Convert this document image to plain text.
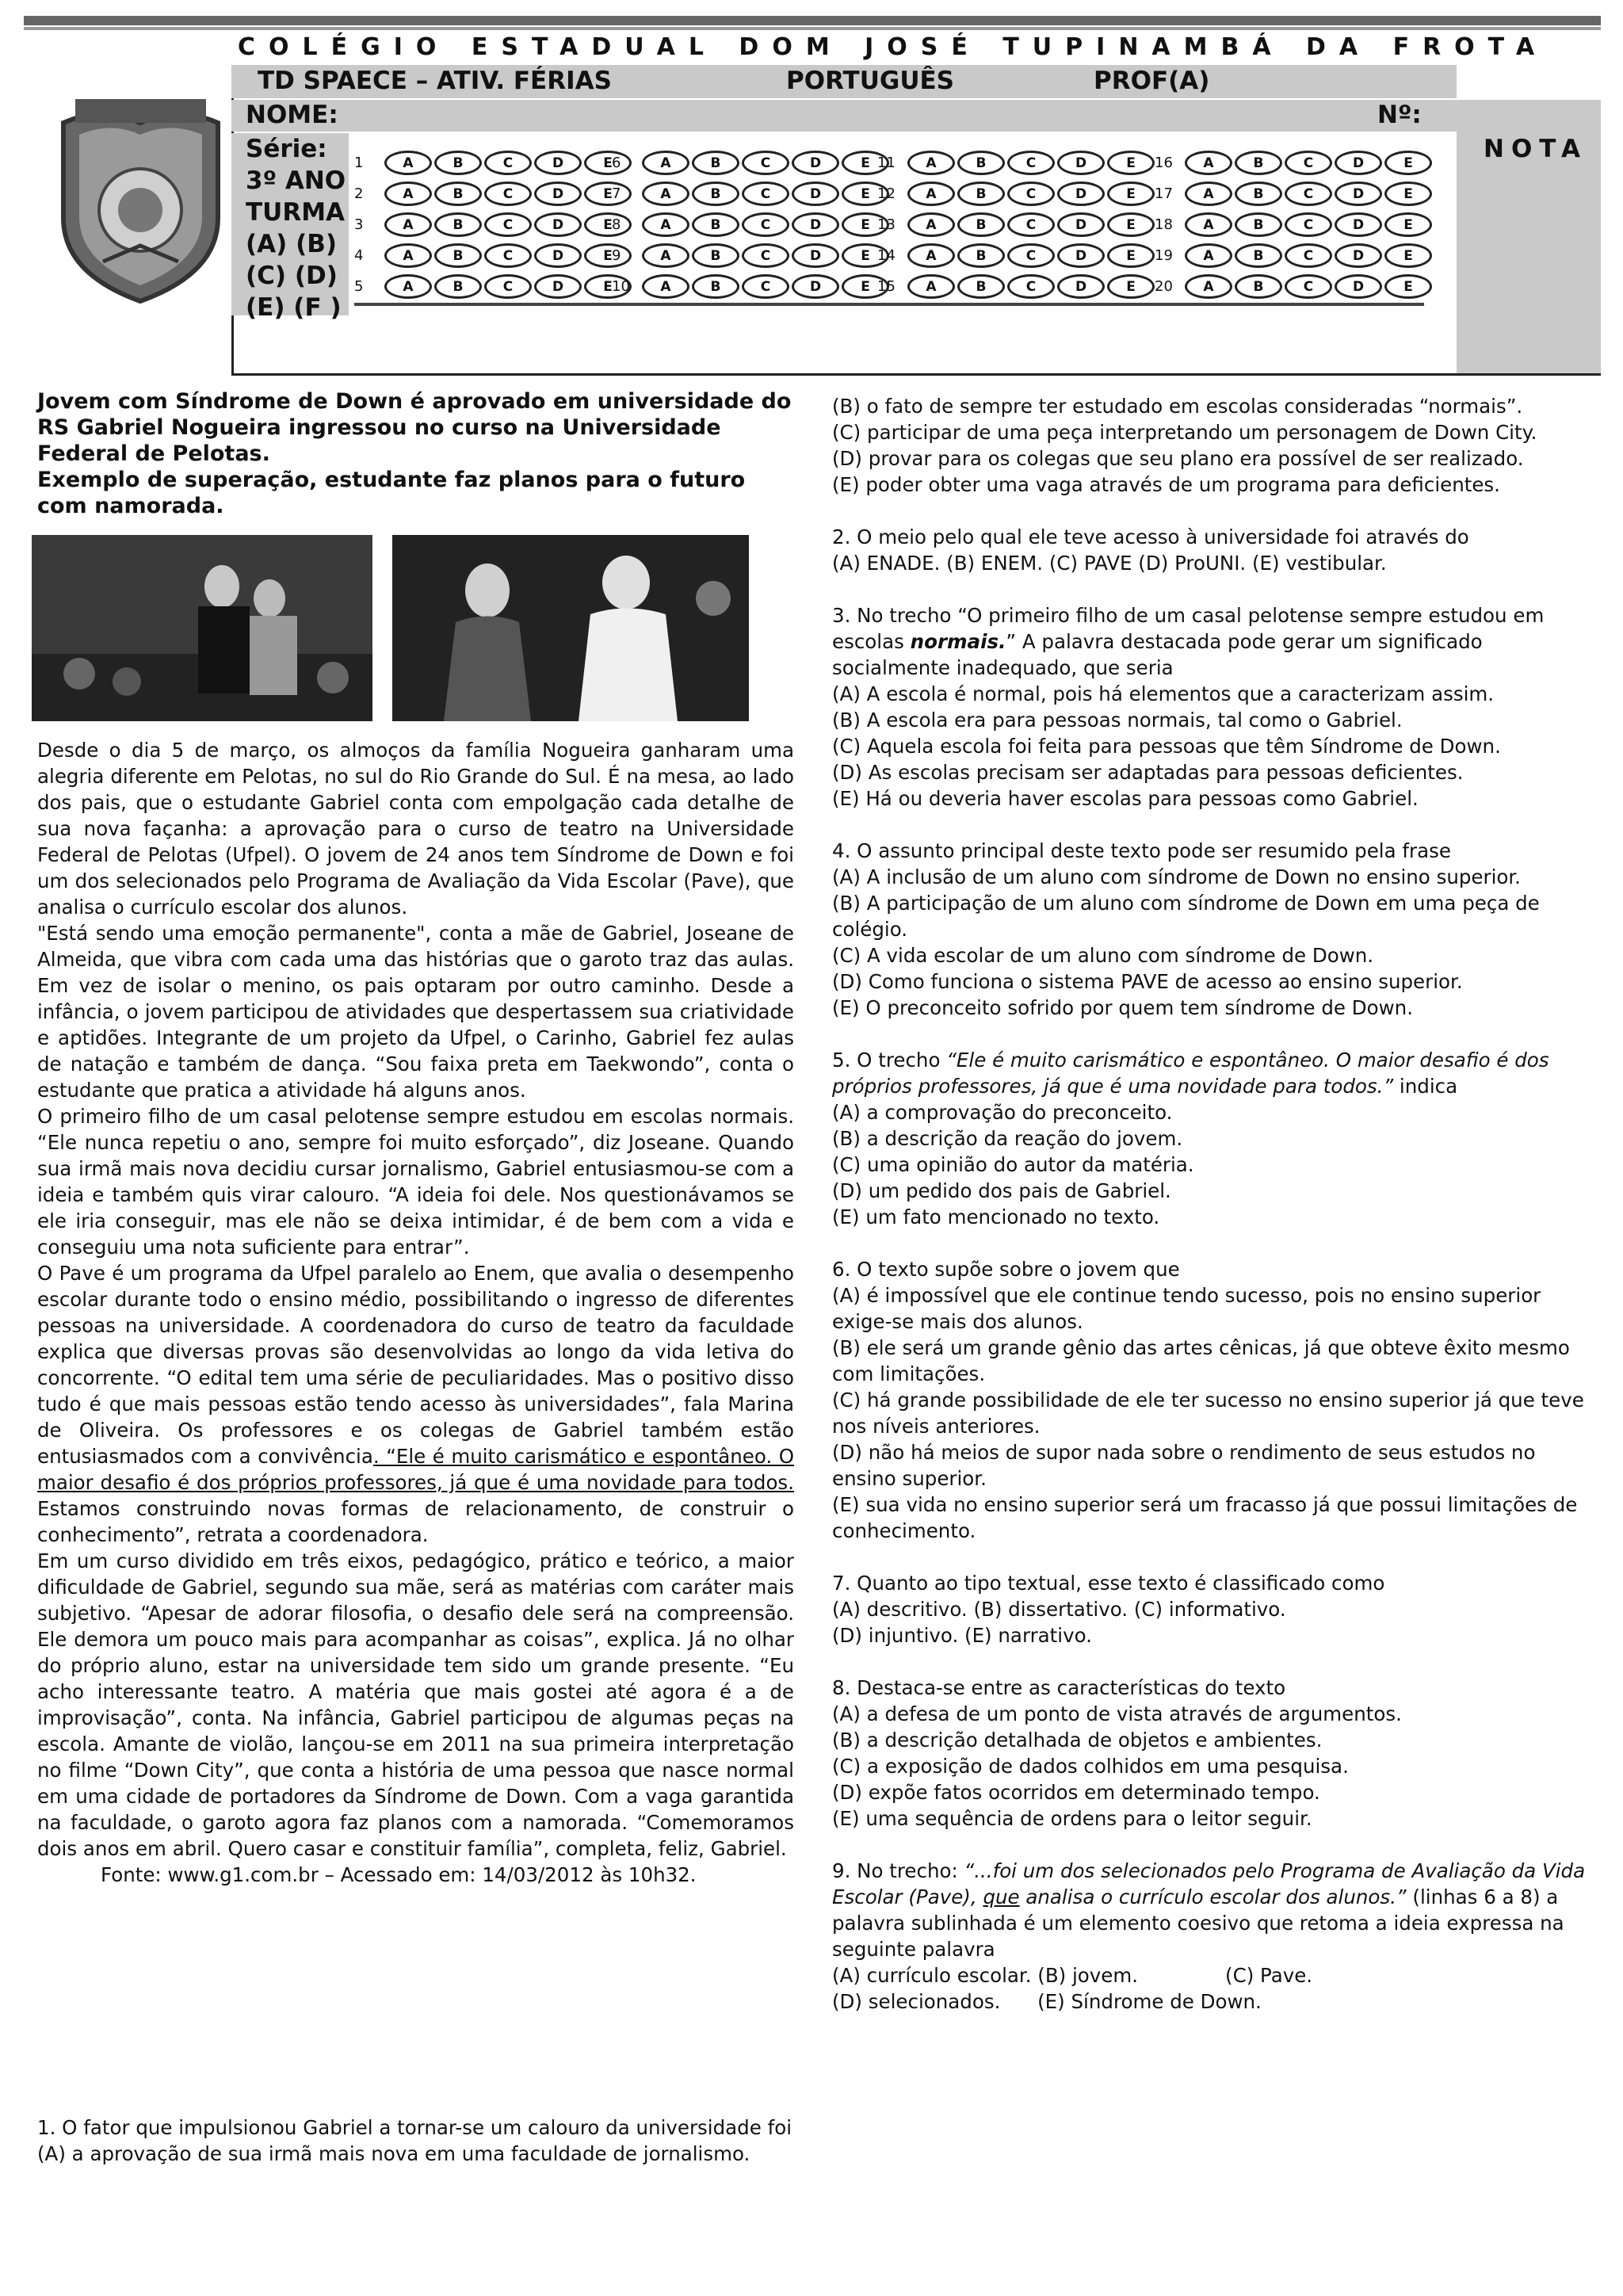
COLÉGIO ESTADUAL DOM JOSÉ TUPINAMBÁ DA FROTA
TD SPAECE – ATIV. FÉRIAS	PORTUGUÊS	PROF(A)
NOME:	Nº:
Série:
3º ANO
TURMA
(A) (B)
(C) (D)
(E) (F )
NOTA
1	A	B	C	D	E
2	A	B	C	D	E
3	A	B	C	D	E
4	A	B	C	D	E
5	A	B	C	D	E
6	A	B	C	D	E
7	A	B	C	D	E
8	A	B	C	D	E
9	A	B	C	D	E
10	A	B	C	D	E
11	A	B	C	D	E
12	A	B	C	D	E
13	A	B	C	D	E
14	A	B	C	D	E
15	A	B	C	D	E
16	A	B	C	D	E
17	A	B	C	D	E
18	A	B	C	D	E
19	A	B	C	D	E
20	A	B	C	D	E
Jovem com Síndrome de Down é aprovado em universidade do RS Gabriel Nogueira ingressou no curso na Universidade Federal de Pelotas.
Exemplo de superação, estudante faz planos para o futuro com namorada.

Desde o dia 5 de março, os almoços da família Nogueira ganharam uma alegria diferente em Pelotas, no sul do Rio Grande do Sul. É na mesa, ao lado dos pais, que o estudante Gabriel conta com empolgação cada detalhe de sua nova façanha: a aprovação para o curso de teatro na Universidade Federal de Pelotas (Ufpel). O jovem de 24 anos tem Síndrome de Down e foi um dos selecionados pelo Programa de Avaliação da Vida Escolar (Pave), que analisa o currículo escolar dos alunos.

"Está sendo uma emoção permanente", conta a mãe de Gabriel, Joseane de Almeida, que vibra com cada uma das histórias que o garoto traz das aulas. Em vez de isolar o menino, os pais optaram por outro caminho. Desde a infância, o jovem participou de atividades que despertassem sua criatividade e aptidões. Integrante de um projeto da Ufpel, o Carinho, Gabriel fez aulas de natação e também de dança. “Sou faixa preta em Taekwondo”, conta o estudante que pratica a atividade há alguns anos.

O primeiro filho de um casal pelotense sempre estudou em escolas normais. “Ele nunca repetiu o ano, sempre foi muito esforçado”, diz Joseane. Quando sua irmã mais nova decidiu cursar jornalismo, Gabriel entusiasmou-se com a ideia e também quis virar calouro. “A ideia foi dele. Nos questionávamos se ele iria conseguir, mas ele não se deixa intimidar, é de bem com a vida e conseguiu uma nota suficiente para entrar”.

O Pave é um programa da Ufpel paralelo ao Enem, que avalia o desempenho escolar durante todo o ensino médio, possibilitando o ingresso de diferentes pessoas na universidade. A coordenadora do curso de teatro da faculdade explica que diversas provas são desenvolvidas ao longo da vida letiva do concorrente. “O edital tem uma série de peculiaridades. Mas o positivo disso tudo é que mais pessoas estão tendo acesso às universidades”, fala Marina de Oliveira. Os professores e os colegas de Gabriel também estão entusiasmados com a convivência. “Ele é muito carismático e espontâneo. O maior desafio é dos próprios professores, já que é uma novidade para todos. Estamos construindo novas formas de relacionamento, de construir o conhecimento”, retrata a coordenadora.

Em um curso dividido em três eixos, pedagógico, prático e teórico, a maior dificuldade de Gabriel, segundo sua mãe, será as matérias com caráter mais subjetivo. “Apesar de adorar filosofia, o desafio dele será na compreensão. Ele demora um pouco mais para acompanhar as coisas”, explica. Já no olhar do próprio aluno, estar na universidade tem sido um grande presente. “Eu acho interessante teatro. A matéria que mais gostei até agora é a de improvisação”, conta. Na infância, Gabriel participou de algumas peças na escola. Amante de violão, lançou-se em 2011 na sua primeira interpretação no filme “Down City”, que conta a história de uma pessoa que nasce normal em uma cidade de portadores da Síndrome de Down. Com a vaga garantida na faculdade, o garoto agora faz planos com a namorada. “Comemoramos dois anos em abril. Quero casar e constituir família”, completa, feliz, Gabriel.

Fonte: www.g1.com.br – Acessado em: 14/03/2012 às 10h32.

1. O fator que impulsionou Gabriel a tornar-se um calouro da universidade foi

(A) a aprovação de sua irmã mais nova em uma faculdade de jornalismo.

(B) o fato de sempre ter estudado em escolas consideradas “normais”.

(C) participar de uma peça interpretando um personagem de Down City.

(D) provar para os colegas que seu plano era possível de ser realizado.

(E) poder obter uma vaga através de um programa para deficientes.

2. O meio pelo qual ele teve acesso à universidade foi através do

(A) ENADE. (B) ENEM. (C) PAVE (D) ProUNI. (E) vestibular.

3. No trecho “O primeiro filho de um casal pelotense sempre estudou em escolas normais.” A palavra destacada pode gerar um significado socialmente inadequado, que seria

(A) A escola é normal, pois há elementos que a caracterizam assim.

(B) A escola era para pessoas normais, tal como o Gabriel.

(C) Aquela escola foi feita para pessoas que têm Síndrome de Down.

(D) As escolas precisam ser adaptadas para pessoas deficientes.

(E) Há ou deveria haver escolas para pessoas como Gabriel.

4. O assunto principal deste texto pode ser resumido pela frase

(A) A inclusão de um aluno com síndrome de Down no ensino superior.

(B) A participação de um aluno com síndrome de Down em uma peça de colégio.

(C) A vida escolar de um aluno com síndrome de Down.

(D) Como funciona o sistema PAVE de acesso ao ensino superior.

(E) O preconceito sofrido por quem tem síndrome de Down.

5. O trecho “Ele é muito carismático e espontâneo. O maior desafio é dos próprios professores, já que é uma novidade para todos.” indica

(A) a comprovação do preconceito.

(B) a descrição da reação do jovem.

(C) uma opinião do autor da matéria.

(D) um pedido dos pais de Gabriel.

(E) um fato mencionado no texto.

6. O texto supõe sobre o jovem que

(A) é impossível que ele continue tendo sucesso, pois no ensino superior exige-se mais dos alunos.

(B) ele será um grande gênio das artes cênicas, já que obteve êxito mesmo com limitações.

(C) há grande possibilidade de ele ter sucesso no ensino superior já que teve nos níveis anteriores.

(D) não há meios de supor nada sobre o rendimento de seus estudos no ensino superior.

(E) sua vida no ensino superior será um fracasso já que possui limitações de conhecimento.

7. Quanto ao tipo textual, esse texto é classificado como

(A) descritivo. (B) dissertativo. (C) informativo.

(D) injuntivo. (E) narrativo.

8. Destaca-se entre as características do texto

(A) a defesa de um ponto de vista através de argumentos.

(B) a descrição detalhada de objetos e ambientes.

(C) a exposição de dados colhidos em uma pesquisa.

(D) expõe fatos ocorridos em determinado tempo.

(E) uma sequência de ordens para o leitor seguir.

9. No trecho: “...foi um dos selecionados pelo Programa de Avaliação da Vida Escolar (Pave), que analisa o currículo escolar dos alunos.” (linhas 6 a 8) a palavra sublinhada é um elemento coesivo que retoma a ideia expressa na seguinte palavra

(A) currículo escolar. (B) jovem.	(C) Pave.

(D) selecionados.      (E) Síndrome de Down.
